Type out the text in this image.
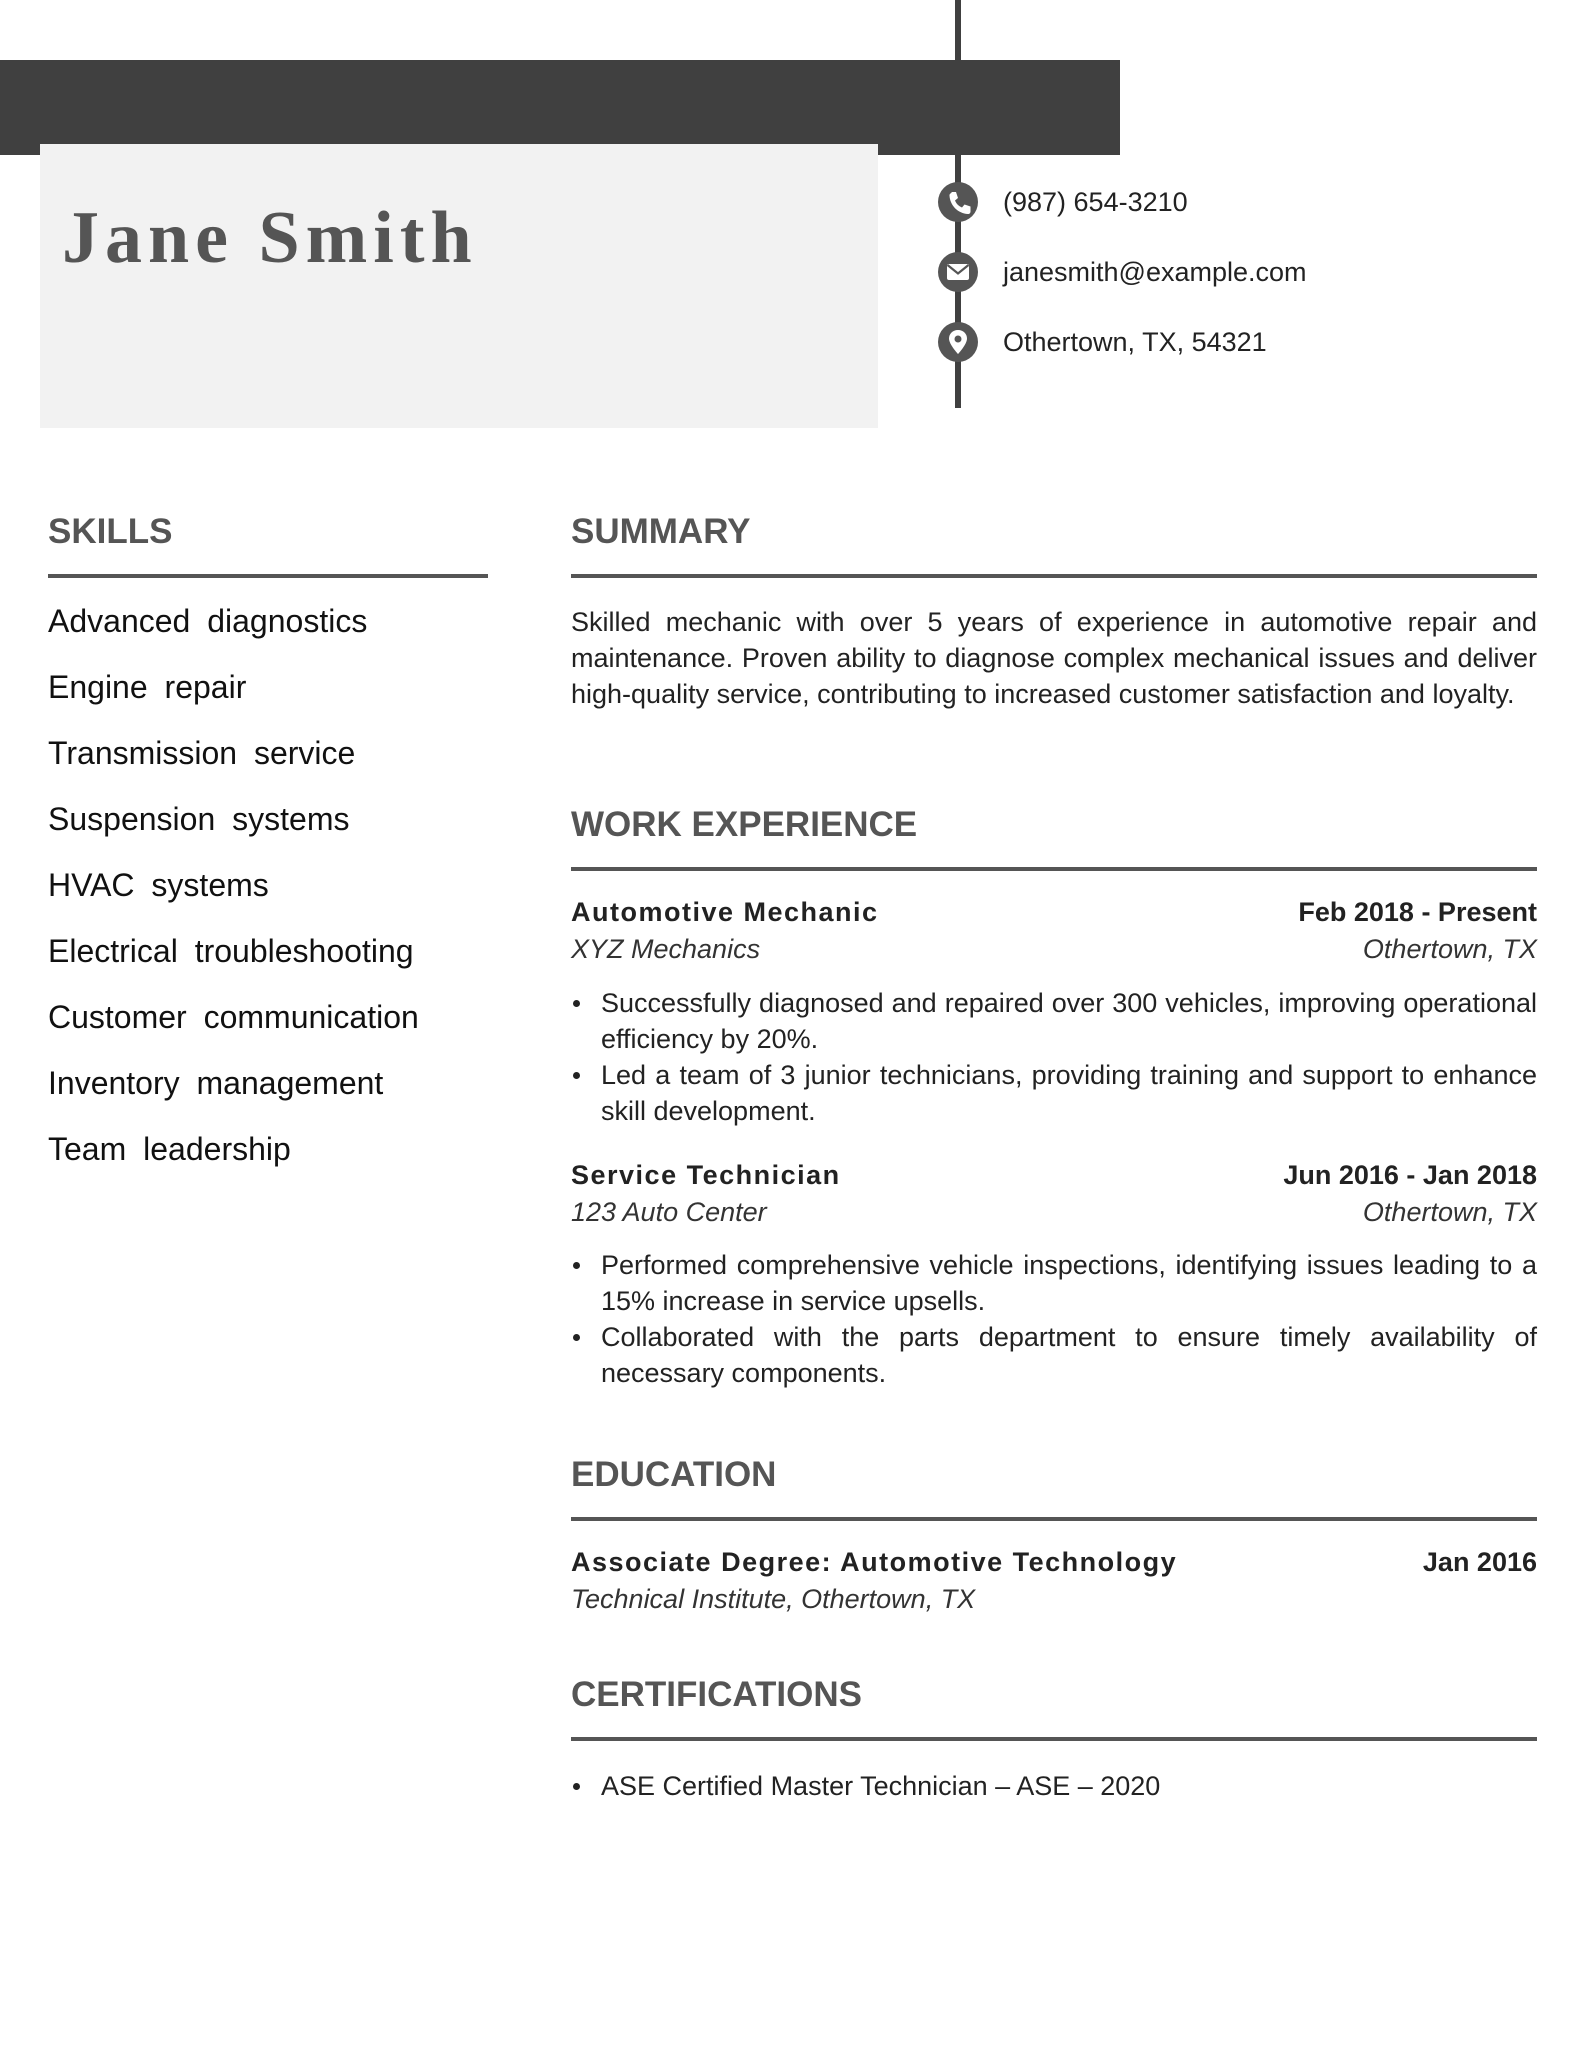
Jane Smith	(987) 654-3210
janesmith@example.com
Othertown, TX, 54321
SKILLS
Advanced diagnostics
Engine repair
Transmission service
Suspension systems
HVAC systems
Electrical troubleshooting
Customer communication
Inventory management
Team leadership
SUMMARY

Skilled mechanic with over 5 years of experience in automotive repair and maintenance. Proven ability to diagnose complex mechanical issues and deliver high-quality service, contributing to increased customer satisfaction and loyalty.

WORK EXPERIENCE
Automotive Mechanic	Feb 2018 - Present
XYZ Mechanics	Othertown, TX
Successfully diagnosed and repaired over 300 vehicles, improving operational efficiency by 20%.
Led a team of 3 junior technicians, providing training and support to enhance skill development.
Service Technician	Jun 2016 - Jan 2018
123 Auto Center	Othertown, TX
Performed comprehensive vehicle inspections, identifying issues leading to a 15% increase in service upsells.
Collaborated with the parts department to ensure timely availability of necessary components.
EDUCATION
Associate Degree: Automotive Technology	Jan 2016
Technical Institute, Othertown, TX
CERTIFICATIONS
ASE Certified Master Technician – ASE – 2020
